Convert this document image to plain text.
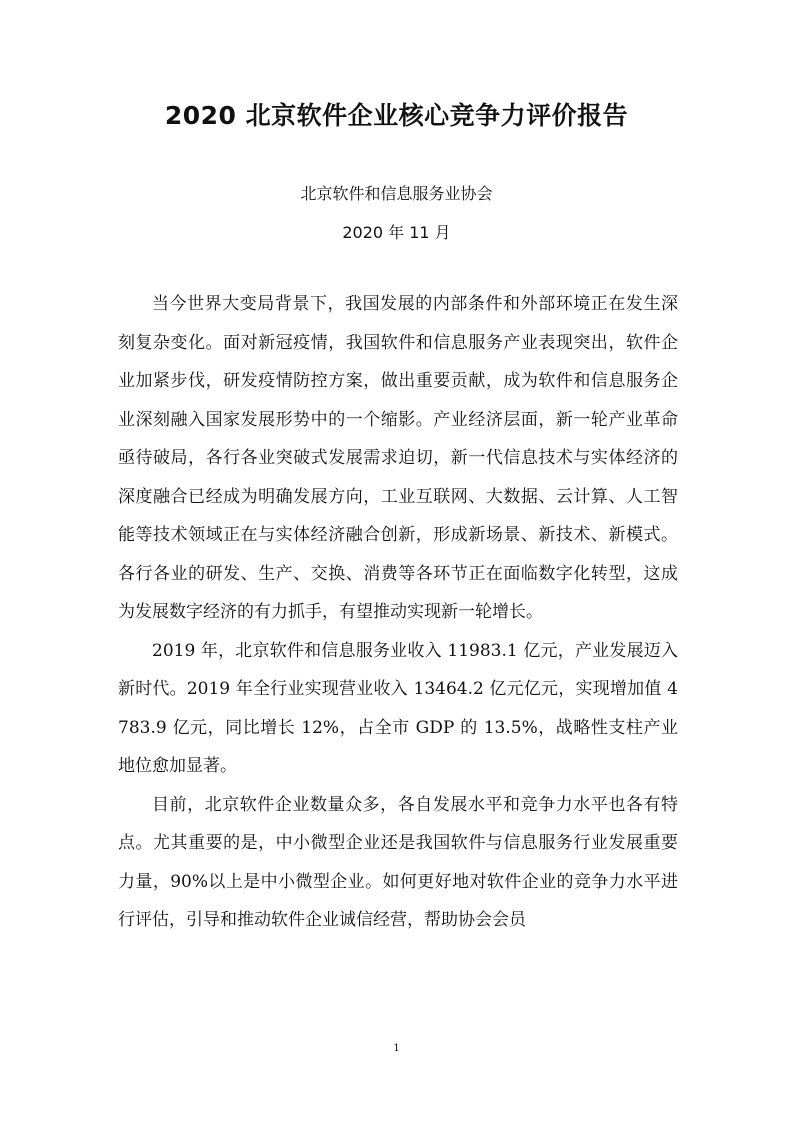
2020 北京软件企业核心竞争力评价报告
北京软件和信息服务业协会
2020 年 11 月

当今世界大变局背景下，我国发展的内部条件和外部环境正在发生深刻复杂变化。面对新冠疫情，我国软件和信息服务产业表现突出，软件企业加紧步伐，研发疫情防控方案，做出重要贡献，成为软件和信息服务企业深刻融入国家发展形势中的一个缩影。产业经济层面，新一轮产业革命亟待破局，各行各业突破式发展需求迫切，新一代信息技术与实体经济的深度融合已经成为明确发展方向，工业互联网、大数据、云计算、人工智能等技术领域正在与实体经济融合创新，形成新场景、新技术、新模式。各行各业的研发、生产、交换、消费等各环节正在面临数字化转型，这成为发展数字经济的有力抓手，有望推动实现新一轮增长。

2019 年，北京软件和信息服务业收入 11983.1 亿元，产业发展迈入新时代。2019 年全行业实现营业收入 13464.2 亿元亿元，实现增加值 4783.9 亿元，同比增长 12%，占全市 GDP 的 13.5%，战略性支柱产业地位愈加显著。

目前，北京软件企业数量众多，各自发展水平和竞争力水平也各有特点。尤其重要的是，中小微型企业还是我国软件与信息服务行业发展重要力量，90%以上是中小微型企业。如何更好地对软件企业的竞争力水平进行评估，引导和推动软件企业诚信经营，帮助协会会员

1
